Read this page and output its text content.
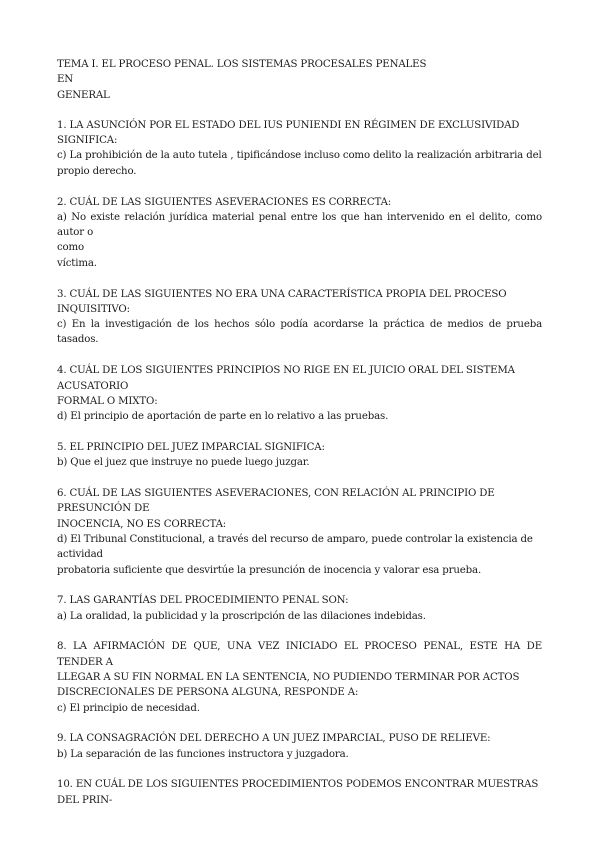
TEMA I. EL PROCESO PENAL. LOS SISTEMAS PROCESALES PENALES EN
GENERAL
1. LA ASUNCIÓN POR EL ESTADO DEL IUS PUNIENDI EN RÉGIMEN DE EXCLUSIVIDAD
SIGNIFICA:
c) La prohibición de la auto tutela , tipificándose incluso como delito la realización arbitraria del
propio derecho.
2. CUÁL DE LAS SIGUIENTES ASEVERACIONES ES CORRECTA:
a) No existe relación jurídica material penal entre los que han intervenido en el delito, como autor o
como
víctima.
3. CUÁL DE LAS SIGUIENTES NO ERA UNA CARACTERÍSTICA PROPIA DEL PROCESO
INQUISITIVO:
c) En la investigación de los hechos sólo podía acordarse la práctica de medios de prueba tasados.
4. CUÁL DE LOS SIGUIENTES PRINCIPIOS NO RIGE EN EL JUICIO ORAL DEL SISTEMA
ACUSATORIO
FORMAL O MIXTO:
d) El principio de aportación de parte en lo relativo a las pruebas.
5. EL PRINCIPIO DEL JUEZ IMPARCIAL SIGNIFICA:
b) Que el juez que instruye no puede luego juzgar.
6. CUÁL DE LAS SIGUIENTES ASEVERACIONES, CON RELACIÓN AL PRINCIPIO DE
PRESUNCIÓN DE
INOCENCIA, NO ES CORRECTA:
d) El Tribunal Constitucional, a través del recurso de amparo, puede controlar la existencia de
actividad
probatoria suficiente que desvirtúe la presunción de inocencia y valorar esa prueba.
7. LAS GARANTÍAS DEL PROCEDIMIENTO PENAL SON:
a) La oralidad, la publicidad y la proscripción de las dilaciones indebidas.
8. LA AFIRMACIÓN DE QUE, UNA VEZ INICIADO EL PROCESO PENAL, ESTE HA DE TENDER A
LLEGAR A SU FIN NORMAL EN LA SENTENCIA, NO PUDIENDO TERMINAR POR ACTOS
DISCRECIONALES DE PERSONA ALGUNA, RESPONDE A:
c) El principio de necesidad.
9. LA CONSAGRACIÓN DEL DERECHO A UN JUEZ IMPARCIAL, PUSO DE RELIEVE:
b) La separación de las funciones instructora y juzgadora.
10. EN CUÁL DE LOS SIGUIENTES PROCEDIMIENTOS PODEMOS ENCONTRAR MUESTRAS
DEL PRIN-
